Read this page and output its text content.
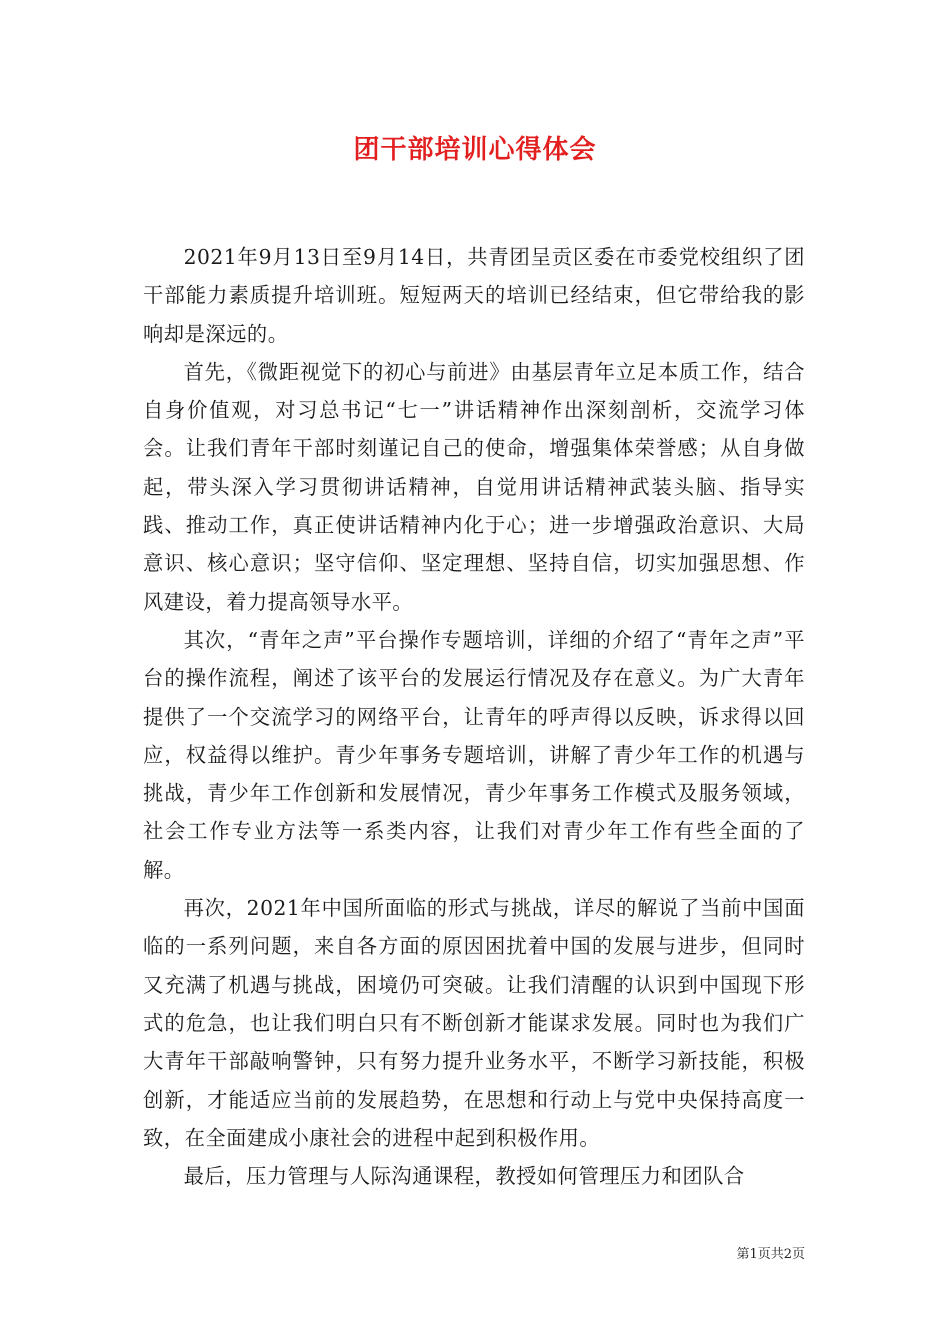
团干部培训心得体会

2021年9月13日至9月14日，共青团呈贡区委在市委党校组织了团干部能力素质提升培训班。短短两天的培训已经结束，但它带给我的影响却是深远的。

首先，《微距视觉下的初心与前进》由基层青年立足本质工作，结合自身价值观，对习总书记“七一”讲话精神作出深刻剖析，交流学习体会。让我们青年干部时刻谨记自己的使命，增强集体荣誉感；从自身做起，带头深入学习贯彻讲话精神，自觉用讲话精神武装头脑、指导实践、推动工作，真正使讲话精神内化于心；进一步增强政治意识、大局意识、核心意识；坚守信仰、坚定理想、坚持自信，切实加强思想、作风建设，着力提高领导水平。

其次，“青年之声”平台操作专题培训，详细的介绍了“青年之声”平台的操作流程，阐述了该平台的发展运行情况及存在意义。为广大青年提供了一个交流学习的网络平台，让青年的呼声得以反映，诉求得以回应，权益得以维护。青少年事务专题培训，讲解了青少年工作的机遇与挑战，青少年工作创新和发展情况，青少年事务工作模式及服务领域，社会工作专业方法等一系类内容，让我们对青少年工作有些全面的了解。

再次，2021年中国所面临的形式与挑战，详尽的解说了当前中国面临的一系列问题，来自各方面的原因困扰着中国的发展与进步，但同时又充满了机遇与挑战，困境仍可突破。让我们清醒的认识到中国现下形式的危急，也让我们明白只有不断创新才能谋求发展。同时也为我们广大青年干部敲响警钟，只有努力提升业务水平，不断学习新技能，积极创新，才能适应当前的发展趋势，在思想和行动上与党中央保持高度一致，在全面建成小康社会的进程中起到积极作用。

最后，压力管理与人际沟通课程，教授如何管理压力和团队合

第1页共2页
